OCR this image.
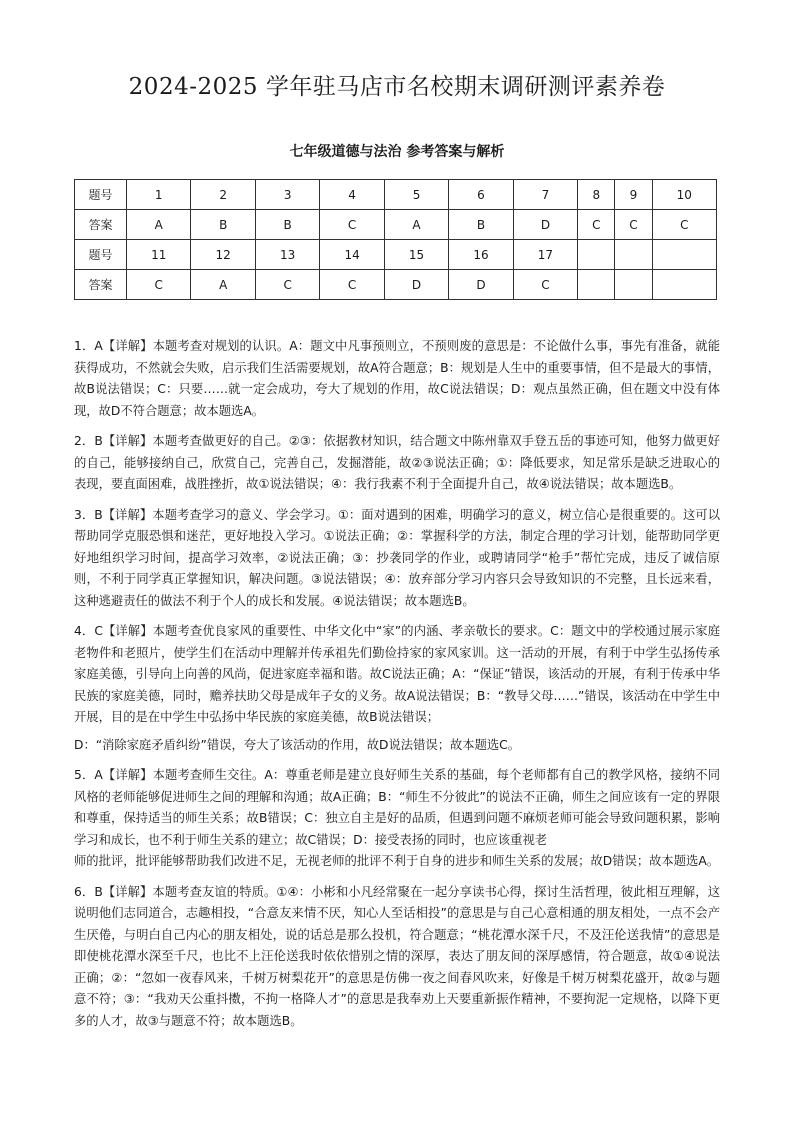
2024-2025 学年驻马店市名校期末调研测评素养卷
七年级道德与法治 参考答案与解析
题号	1	2	3	4	5	6	7	8	9	10
答案	A	B	B	C	A	B	D	C	C	C
题号	11	12	13	14	15	16	17			
答案	C	A	C	C	D	D	C			

1．A【详解】本题考查对规划的认识。A：题文中凡事预则立，不预则废的意思是：不论做什么事，事先有准备，就能获得成功，不然就会失败，启示我们生活需要规划，故A符合题意；B：规划是人生中的重要事情，但不是最大的事情，故B说法错误；C：只要……就一定会成功，夸大了规划的作用，故C说法错误；D：观点虽然正确，但在题文中没有体现，故D不符合题意；故本题选A。

2．B【详解】本题考查做更好的自己。②③：依据教材知识，结合题文中陈州靠双手登五岳的事迹可知，他努力做更好的自己，能够接纳自己，欣赏自己，完善自己，发掘潜能，故②③说法正确；①：降低要求，知足常乐是缺乏进取心的表现，要直面困难，战胜挫折，故①说法错误；④：我行我素不利于全面提升自己，故④说法错误；故本题选B。

3．B【详解】本题考查学习的意义、学会学习。①：面对遇到的困难，明确学习的意义，树立信心是很重要的。这可以帮助同学克服恐惧和迷茫，更好地投入学习。①说法正确；②：掌握科学的方法，制定合理的学习计划，能帮助同学更好地组织学习时间，提高学习效率，②说法正确；③：抄袭同学的作业，或聘请同学“枪手”帮忙完成，违反了诚信原则，不利于同学真正掌握知识，解决问题。③说法错误；④：放弃部分学习内容只会导致知识的不完整，且长远来看，这种逃避责任的做法不利于个人的成长和发展。④说法错误；故本题选B。

4．C【详解】本题考查优良家风的重要性、中华文化中“家”的内涵、孝亲敬长的要求。C：题文中的学校通过展示家庭老物件和老照片，使学生们在活动中理解并传承祖先们勤俭持家的家风家训。这一活动的开展，有利于中学生弘扬传承家庭美德，引导向上向善的风尚，促进家庭幸福和谐。故C说法正确；A：“保证”错误，该活动的开展，有利于传承中华民族的家庭美德，同时，赡养扶助父母是成年子女的义务。故A说法错误；B：“教导父母……”错误，该活动在中学生中开展，目的是在中学生中弘扬中华民族的家庭美德，故B说法错误；

D：“消除家庭矛盾纠纷”错误，夸大了该活动的作用，故D说法错误；故本题选C。

5．A【详解】本题考查师生交往。A：尊重老师是建立良好师生关系的基础，每个老师都有自己的教学风格，接纳不同风格的老师能够促进师生之间的理解和沟通；故A正确；B：“师生不分彼此”的说法不正确，师生之间应该有一定的界限和尊重，保持适当的师生关系；故B错误；C：独立自主是好的品质，但遇到问题不麻烦老师可能会导致问题积累，影响学习和成长，也不利于师生关系的建立；故C错误；D：接受表扬的同时，也应该重视老

师的批评，批评能够帮助我们改进不足，无视老师的批评不利于自身的进步和师生关系的发展；故D错误；故本题选A。

6．B【详解】本题考查友谊的特质。①④：小彬和小凡经常聚在一起分享读书心得，探讨生活哲理，彼此相互理解，这说明他们志同道合，志趣相投，“合意友来情不厌，知心人至话相投”的意思是与自己心意相通的朋友相处，一点不会产生厌倦，与明白自己内心的朋友相处，说的话总是那么投机，符合题意；“桃花潭水深千尺，不及汪伦送我情”的意思是即使桃花潭水深至千尺，也比不上汪伦送我时依依惜别之情的深厚，表达了朋友间的深厚感情，符合题意，故①④说法正确；②：“忽如一夜春风来，千树万树梨花开”的意思是仿佛一夜之间春风吹来，好像是千树万树梨花盛开，故②与题意不符；③：“我劝天公重抖擞，不拘一格降人才”的意思是我奉劝上天要重新振作精神，不要拘泥一定规格，以降下更多的人才，故③与题意不符；故本题选B。
